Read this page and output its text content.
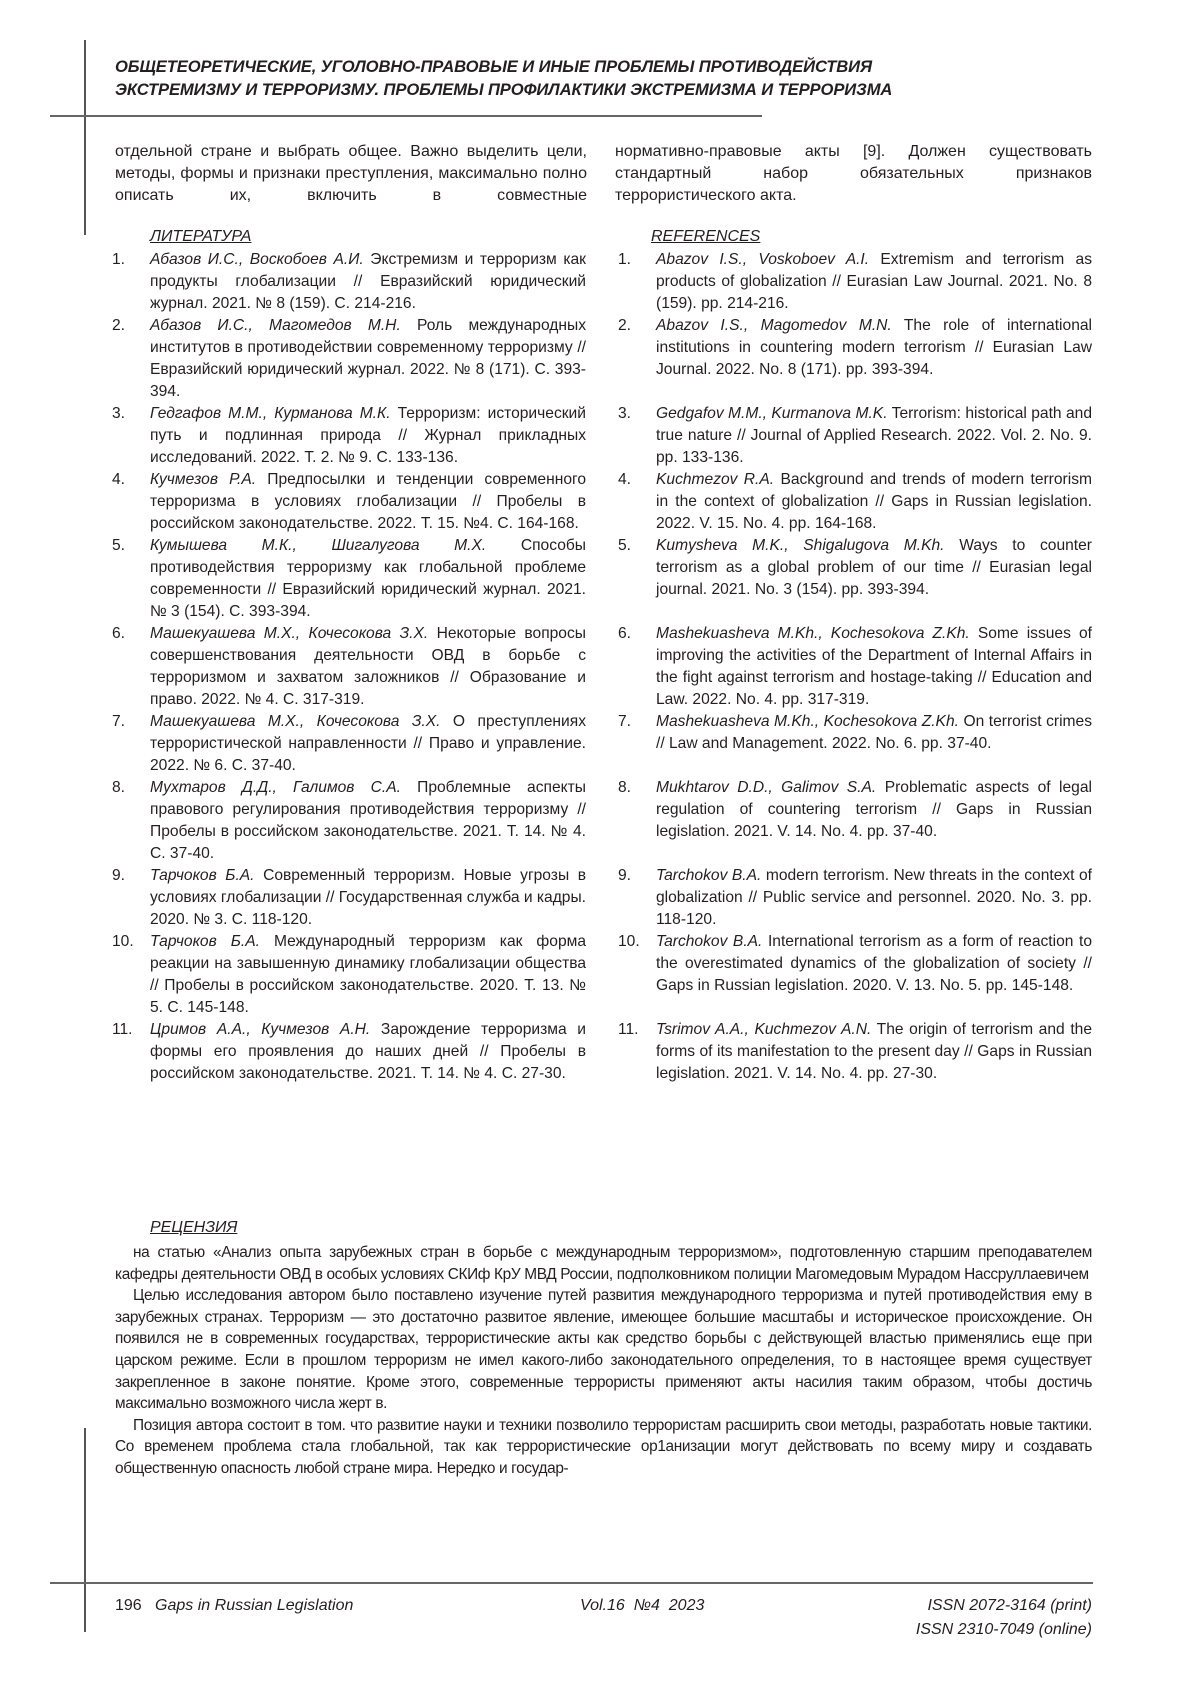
ОБЩЕТЕОРЕТИЧЕСКИЕ, УГОЛОВНО-ПРАВОВЫЕ И ИНЫЕ ПРОБЛЕМЫ ПРОТИВОДЕЙСТВИЯ
ЭКСТРЕМИЗМУ И ТЕРРОРИЗМУ. ПРОБЛЕМЫ ПРОФИЛАКТИКИ ЭКСТРЕМИЗМА И ТЕРРОРИЗМА
отдельной стране и выбрать общее. Важно выделить цели, методы, формы и признаки преступления, максимально полно описать их, включить в совместные
нормативно-правовые акты [9]. Должен существовать стандартный набор обязательных признаков террористического акта.
ЛИТЕРАТУРА	REFERENCES
1.	Абазов И.С., Воскобоев А.И. Экстремизм и терроризм как продукты глобализации // Евразийский юридический журнал. 2021. № 8 (159). С. 214-216.
1.	Abazov I.S., Voskoboev A.I. Extremism and terrorism as products of globalization // Eurasian Law Journal. 2021. No. 8 (159). pp. 214-216.
2.	Абазов И.С., Магомедов М.Н. Роль международных институтов в противодействии современному терроризму // Евразийский юридический журнал. 2022. № 8 (171). С. 393-394.
2.	Abazov I.S., Magomedov M.N. The role of international institutions in countering modern terrorism // Eurasian Law Journal. 2022. No. 8 (171). pp. 393-394.
3.	Гедгафов М.М., Курманова М.К. Терроризм: исторический путь и подлинная природа // Журнал прикладных исследований. 2022. Т. 2. № 9. С. 133-136.
3.	Gedgafov M.M., Kurmanova M.K. Terrorism: historical path and true nature // Journal of Applied Research. 2022. Vol. 2. No. 9. pp. 133-136.
4.	Кучмезов Р.А. Предпосылки и тенденции современного терроризма в условиях глобализации // Пробелы в российском законодательстве. 2022. Т. 15. №4. С. 164-168.
4.	Kuchmezov R.A. Background and trends of modern terrorism in the context of globalization // Gaps in Russian legislation. 2022. V. 15. No. 4. pp. 164-168.
5.	Кумышева М.К., Шигалугова М.Х. Способы противодействия терроризму как глобальной проблеме современности // Евразийский юридический журнал. 2021. № 3 (154). С. 393-394.
5.	Kumysheva M.K., Shigalugova M.Kh. Ways to counter terrorism as a global problem of our time // Eurasian legal journal. 2021. No. 3 (154). pp. 393-394.
6.	Машекуашева М.Х., Кочесокова З.Х. Некоторые вопросы совершенствования деятельности ОВД в борьбе с терроризмом и захватом заложников // Образование и право. 2022. № 4. С. 317-319.
6.	Mashekuasheva M.Kh., Kochesokova Z.Kh. Some issues of improving the activities of the Department of Internal Affairs in the fight against terrorism and hostage-taking // Education and Law. 2022. No. 4. pp. 317-319.
7.	Машекуашева М.Х., Кочесокова З.Х. О преступлениях террористической направленности // Право и управление. 2022. № 6. С. 37-40.
7.	Mashekuasheva M.Kh., Kochesokova Z.Kh. On terrorist crimes // Law and Management. 2022. No. 6. pp. 37-40.
8.	Мухтаров Д.Д., Галимов С.А. Проблемные аспекты правового регулирования противодействия терроризму // Пробелы в российском законодательстве. 2021. Т. 14. № 4. С. 37-40.
8.	Mukhtarov D.D., Galimov S.A. Problematic aspects of legal regulation of countering terrorism // Gaps in Russian legislation. 2021. V. 14. No. 4. pp. 37-40.
9.	Тарчоков Б.А. Современный терроризм. Новые угрозы в условиях глобализации // Государственная служба и кадры. 2020. № 3. С. 118-120.
9.	Tarchokov B.A. modern terrorism. New threats in the context of globalization // Public service and personnel. 2020. No. 3. pp. 118-120.
10.	Тарчоков Б.А. Международный терроризм как форма реакции на завышенную динамику глобализации общества // Пробелы в российском законодательстве. 2020. Т. 13. № 5. С. 145-148.
10.	Tarchokov B.A. International terrorism as a form of reaction to the overestimated dynamics of the globalization of society // Gaps in Russian legislation. 2020. V. 13. No. 5. pp. 145-148.
11.	Цримов А.А., Кучмезов А.Н. Зарождение терроризма и формы его проявления до наших дней // Пробелы в российском законодательстве. 2021. Т. 14. № 4. С. 27-30.
11.	Tsrimov A.A., Kuchmezov A.N. The origin of terrorism and the forms of its manifestation to the present day // Gaps in Russian legislation. 2021. V. 14. No. 4. pp. 27-30.
РЕЦЕНЗИЯ

на статью «Анализ опыта зарубежных стран в борьбе с международным терроризмом», подготовленную старшим преподавателем кафедры деятельности ОВД в особых условиях СКИф КрУ МВД России, подполковником полиции Магомедовым Мурадом Нассруллаевичем

Целью исследования автором было поставлено изучение путей развития международного терроризма и путей противодействия ему в зарубежных странах. Терроризм — это достаточно развитое явление, имеющее большие масштабы и историческое происхождение. Он появился не в современных государствах, террористические акты как средство борьбы с действующей властью применялись еще при царском режиме. Если в прошлом терроризм не имел какого-либо законодательного определения, то в настоящее время существует закрепленное в законе понятие. Кроме этого, современные террористы применяют акты насилия таким образом, чтобы достичь максимально возможного числа жерт в.

Позиция автора состоит в том. что развитие науки и техники позволило террористам расширить свои методы, разработать новые тактики. Со временем проблема стала глобальной, так как террористические ор1анизации могут действовать по всему миру и создавать общественную опасность любой стране мира. Нередко и государ-

196 Gaps in Russian Legislation	Vol.16  №4  2023	ISSN 2072-3164 (print)
ISSN 2310-7049 (online)
